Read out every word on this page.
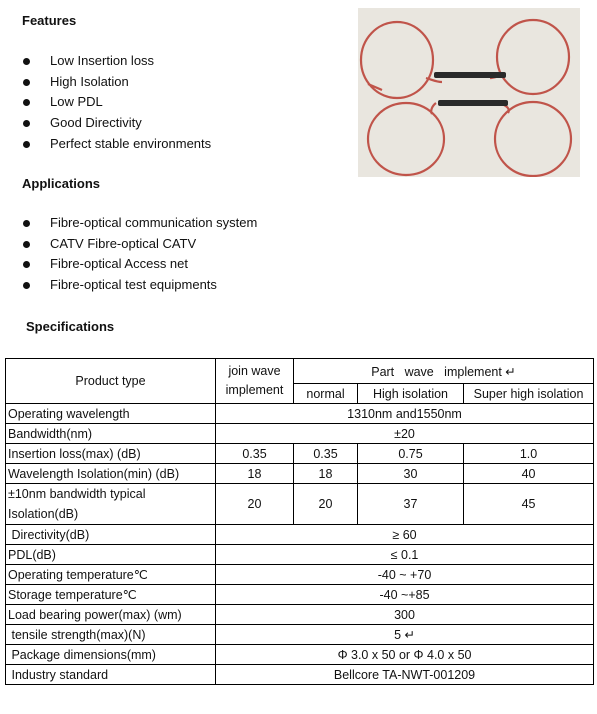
Features
Low Insertion loss
High Isolation
Low PDL
Good Directivity
Perfect stable environments
Applications
Fibre-optical communication system
CATV Fibre-optical CATV
Fibre-optical Access net
Fibre-optical test equipments
Specifications
Product type	join wave implement	Part   wave   implement ↵		
		normal	High isolation	Super high isolation
Operating wavelength	1310nm and1550nm			
Bandwidth(nm)	±20			
Insertion loss(max) (dB)	0.35	0.35	0.75	1.0
Wavelength Isolation(min) (dB)	18	18	30	40
±10nm bandwidth typical Isolation(dB)	20	20	37	45
Directivity(dB)	≥ 60			
PDL(dB)	≤ 0.1			
Operating temperature℃	-40 ~ +70			
Storage temperature℃	-40 ~+85			
Load bearing power(max) (wm)	300			
tensile strength(max)(N)	5 ↵			
Package dimensions(mm)	Φ 3.0 x 50 or Φ 4.0 x 50			
Industry standard	Bellcore TA-NWT-001209			
